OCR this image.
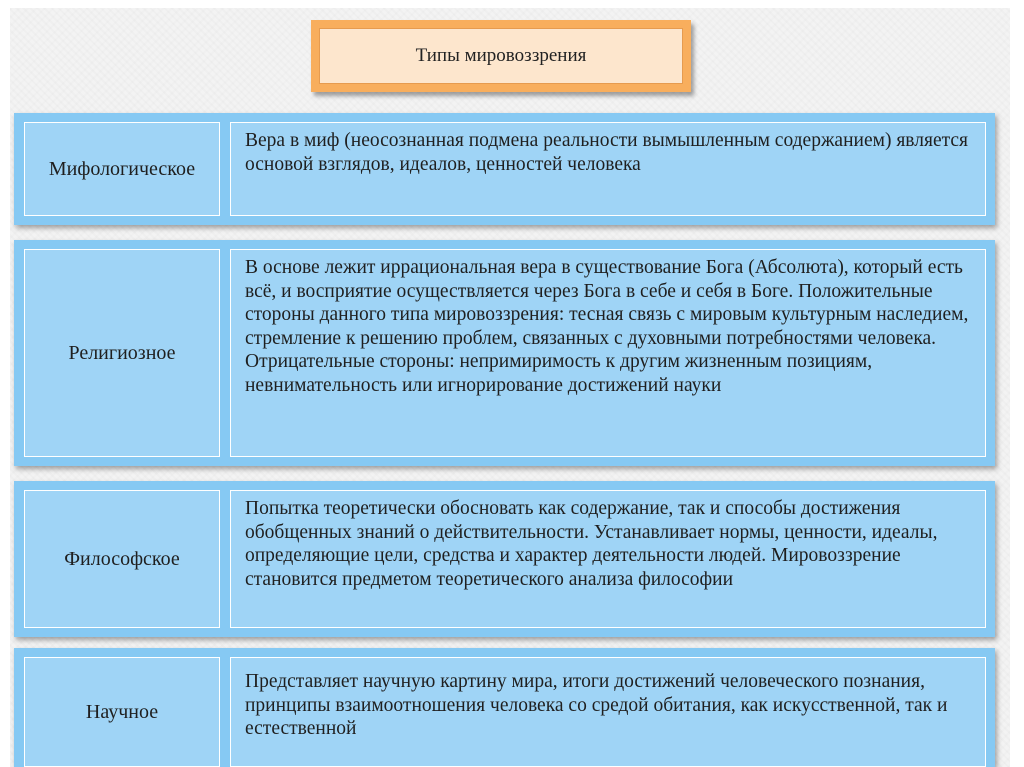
Типы мировоззрения
Мифологическое
Вера в миф (неосознанная подмена реальности вымышленным содержанием) является основой взглядов, идеалов, ценностей человека
Религиозное
В основе лежит иррациональная вера в существование Бога (Абсолюта), который есть всё, и восприятие осуществляется через Бога в себе и себя в Боге. Положительные стороны данного типа мировоззрения: тесная связь с мировым культурным наследием, стремление к решению проблем, связанных с духовными потребностями человека. Отрицательные стороны: непримиримость к другим жизненным позициям, невнимательность или игнорирование достижений науки
Философское
Попытка теоретически обосновать как содержание, так и способы достижения обобщенных знаний о действительности. Устанавливает нормы, ценности, идеалы, определяющие цели, средства и характер деятельности людей. Мировоззрение становится предметом теоретического анализа философии
Научное
Представляет научную картину мира, итоги достижений человеческого познания, принципы взаимоотношения человека со средой обитания, как искусственной, так и естественной
